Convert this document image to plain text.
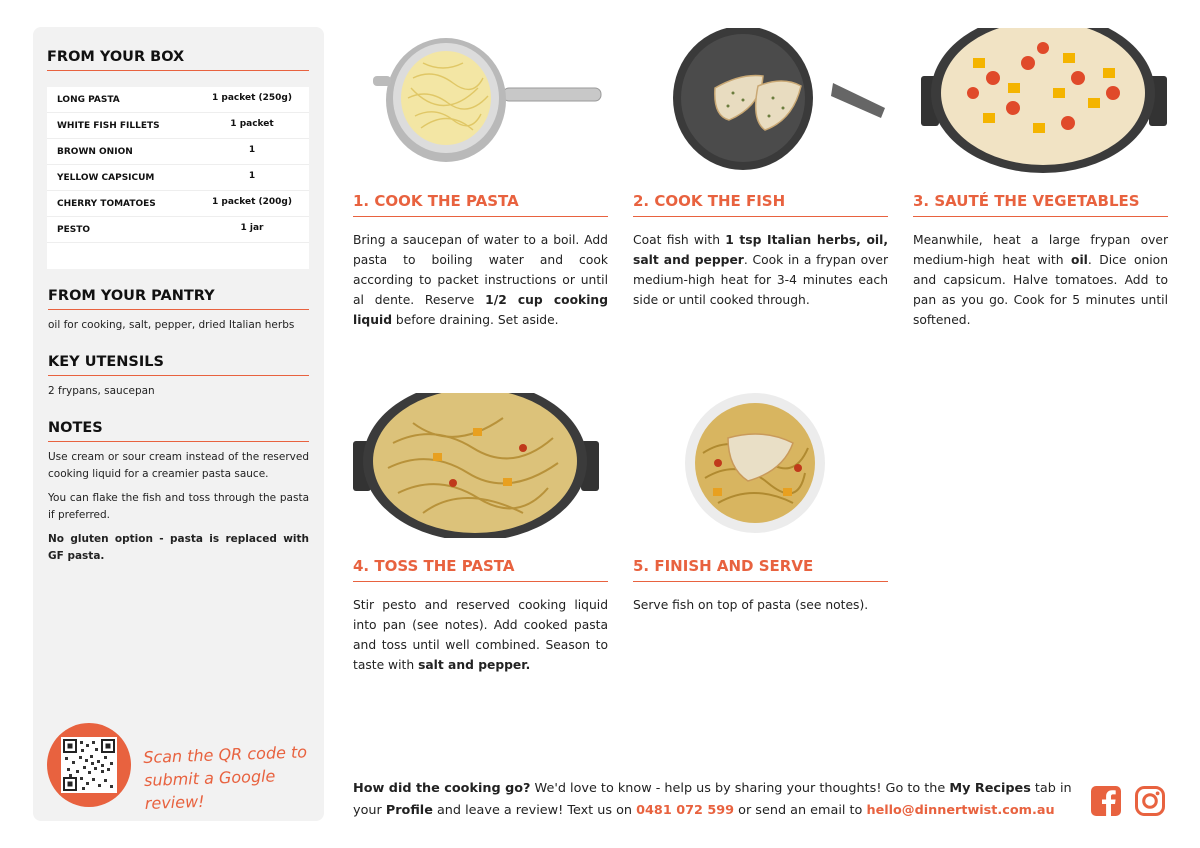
FROM YOUR BOX
LONG PASTA	1 packet (250g)
WHITE FISH FILLETS	1 packet
BROWN ONION	1
YELLOW CAPSICUM	1
CHERRY TOMATOES	1 packet (200g)
PESTO	1 jar
FROM YOUR PANTRY
oil for cooking, salt, pepper, dried Italian herbs
KEY UTENSILS
2 frypans, saucepan
NOTES

Use cream or sour cream instead of the reserved cooking liquid for a creamier pasta sauce.

You can flake the fish and toss through the pasta if preferred.

No gluten option - pasta is replaced with GF pasta.

Scan the QR code to
submit a Google review!
1. COOK THE PASTA
Bring a saucepan of water to a boil. Add pasta to boiling water and cook according to packet instructions or until al dente. Reserve 1/2 cup cooking liquid before draining. Set aside.
2. COOK THE FISH
Coat fish with 1 tsp Italian herbs, oil, salt and pepper. Cook in a frypan over medium-high heat for 3-4 minutes each side or until cooked through.
3. SAUTÉ THE VEGETABLES
Meanwhile, heat a large frypan over medium-high heat with oil. Dice onion and capsicum. Halve tomatoes. Add to pan as you go. Cook for 5 minutes until softened.
4. TOSS THE PASTA
Stir pesto and reserved cooking liquid into pan (see notes). Add cooked pasta and toss until well combined. Season to taste with salt and pepper.
5. FINISH AND SERVE
Serve fish on top of pasta (see notes).
How did the cooking go? We'd love to know - help us by sharing your thoughts! Go to the My Recipes tab in your Profile and leave a review! Text us on 0481 072 599 or send an email to hello@dinnertwist.com.au
